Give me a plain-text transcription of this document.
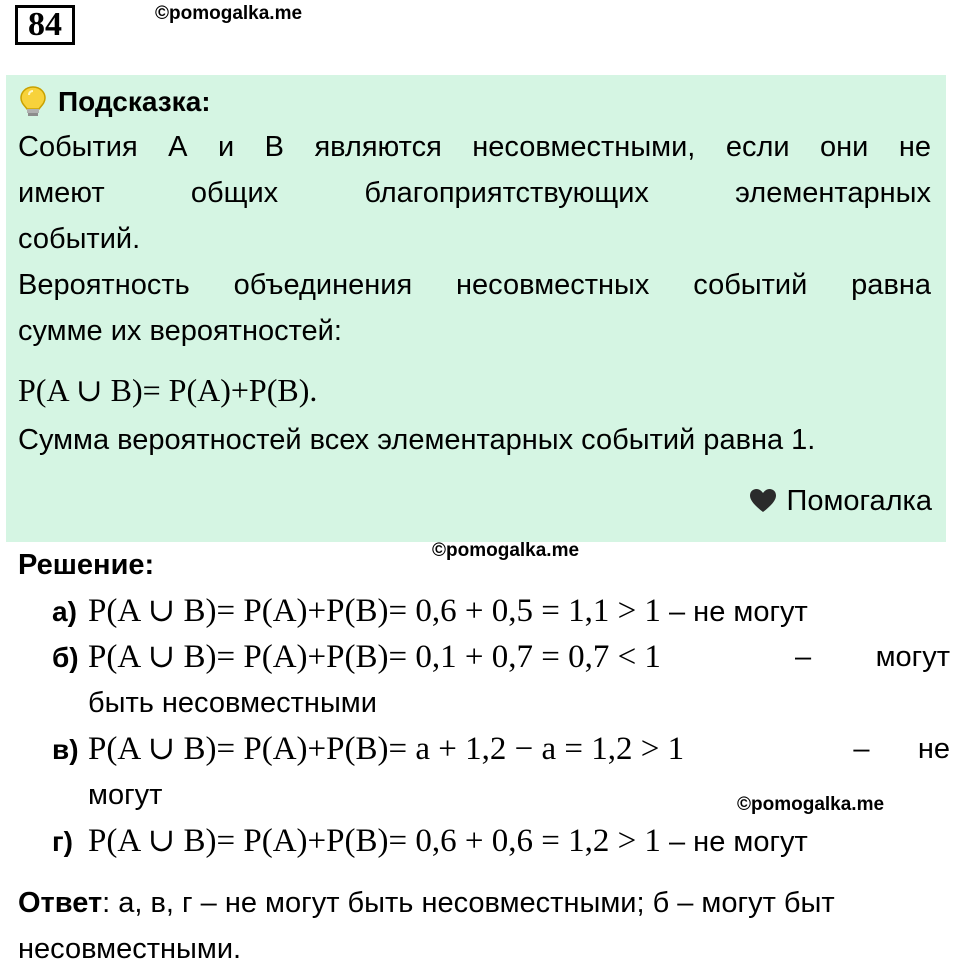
84	©pomogalka.me
Подсказка:
События А и В являются несовместными, если они не
имеют общих благоприятствующих элементарных
событий.
Вероятность объединения несовместных событий равна
сумме их вероятностей:
P(A ∪ B)= P(A)+P(B).
Сумма вероятностей всех элементарных событий равна 1.
Помогалка
Решение:	©pomogalka.me
а) P(A ∪ B)= P(A)+P(B)= 0,6 + 0,5 = 1,1 > 1 – не могут
б) P(A ∪ B)= P(A)+P(B)= 0,1 + 0,7 = 0,7 < 1	–        могут
быть несовместными
в) P(A ∪ B)= P(A)+P(B)= a + 1,2 − a = 1,2 > 1	–      не
могут	©pomogalka.me
г) P(A ∪ B)= P(A)+P(B)= 0,6 + 0,6 = 1,2 > 1 – не могут
Ответ: а, в, г – не могут быть несовместными; б – могут быт
несовместными.
